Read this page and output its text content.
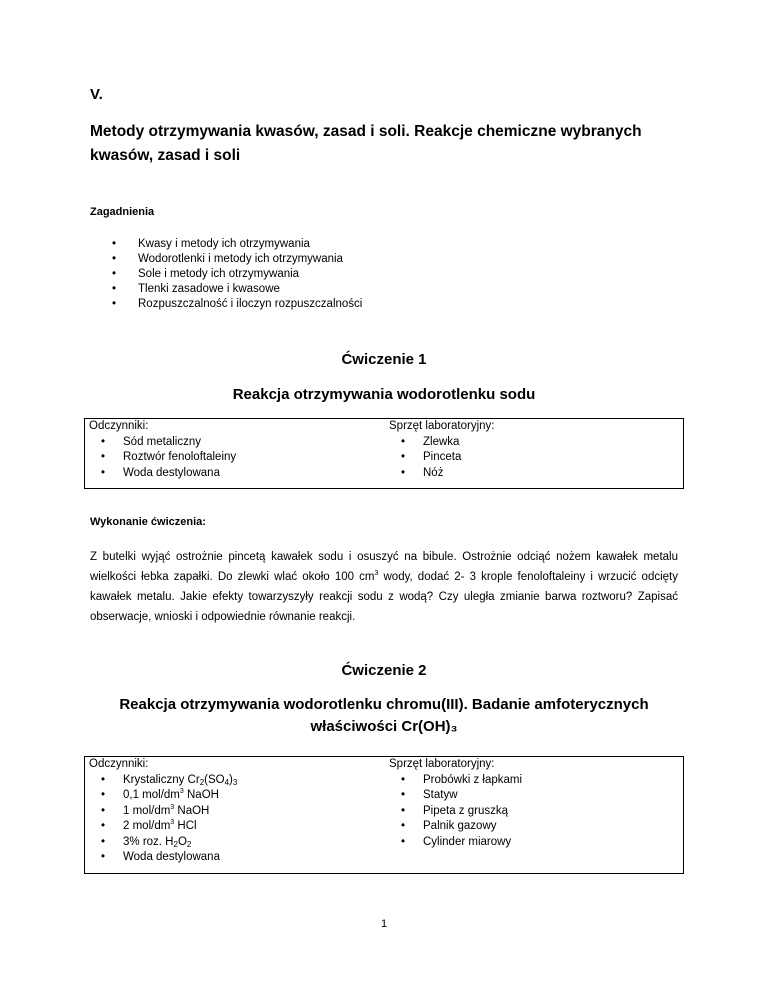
V.
Metody otrzymywania kwasów, zasad i soli. Reakcje chemiczne wybranych kwasów, zasad i soli
Zagadnienia
• Kwasy i metody ich otrzymywania
• Wodorotlenki i metody ich otrzymywania
• Sole i metody ich otrzymywania
• Tlenki zasadowe i kwasowe
• Rozpuszczalność i iloczyn rozpuszczalności
Ćwiczenie 1
Reakcja otrzymywania wodorotlenku sodu
Odczynniki:
• Sód metaliczny
• Roztwór fenoloftaleiny
• Woda destylowana
Sprzęt laboratoryjny:
• Zlewka
• Pinceta
• Nóż
Wykonanie ćwiczenia:

Z butelki wyjąć ostrożnie pincetą kawałek sodu i osuszyć na bibule. Ostrożnie odciąć nożem kawałek metalu wielkości łebka zapałki. Do zlewki wlać około 100 $cm^3$ wody, dodać 2- 3 krople fenoloftaleiny i wrzucić odcięty kawałek metalu. Jakie efekty towarzyszyły reakcji sodu z wodą? Czy uległa zmianie barwa roztworu? Zapisać obserwacje, wnioski i odpowiednie równanie reakcji.

Ćwiczenie 2
Reakcja otrzymywania wodorotlenku chromu(III). Badanie amfoterycznych
właściwości Cr(OH)₃
Odczynniki:
• Krystaliczny $Cr_2(SO_4)_3$
• 0,1 mol/$dm^3$ NaOH
• 1 mol/$dm^3$ NaOH
• 2 mol/$dm^3$ HCl
• 3% roz. $H_2O_2$
• Woda destylowana
Sprzęt laboratoryjny:
• Probówki z łapkami
• Statyw
• Pipeta z gruszką
• Palnik gazowy
• Cylinder miarowy
1
